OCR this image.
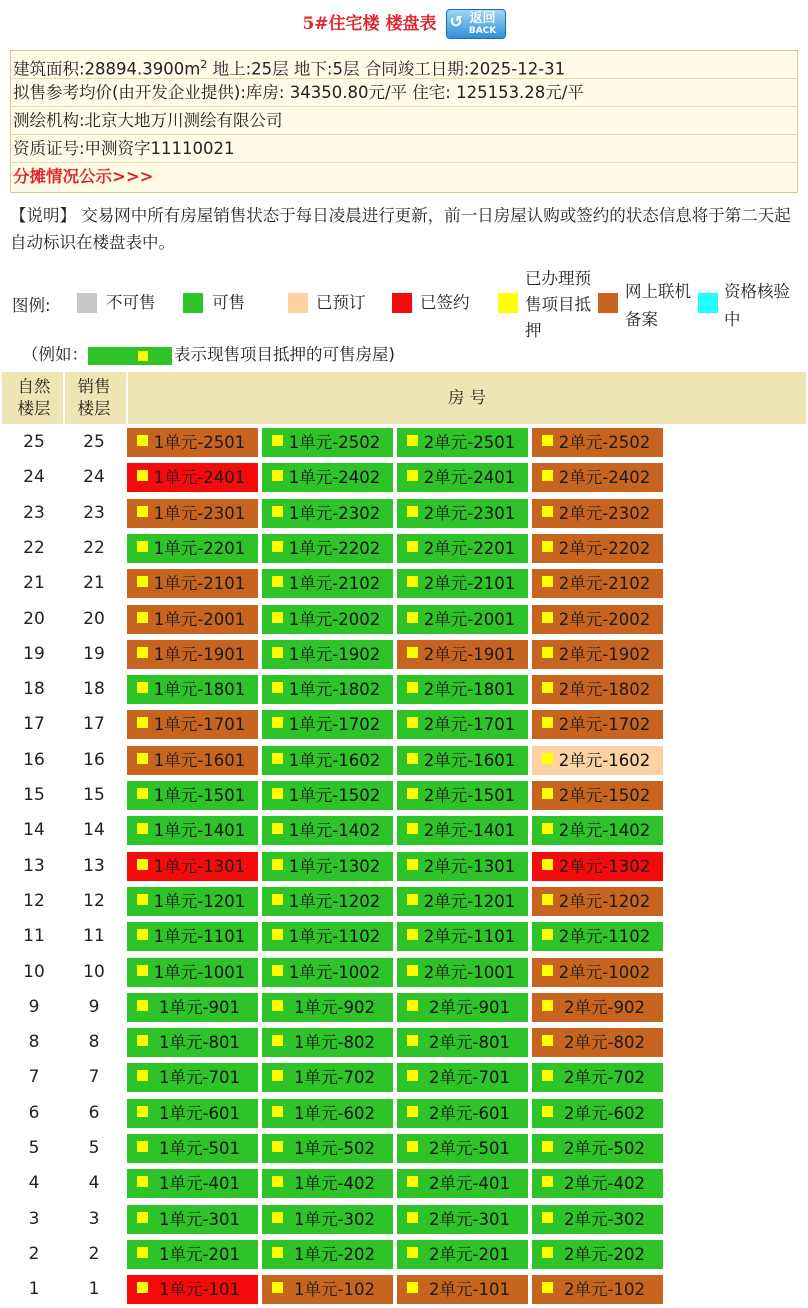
5#住宅楼 楼盘表 ↺ 返回
BACK
建筑面积$:28894.3900m^2$ 地上:25层 地下:5层 合同竣工日期:2025-12-31
拟售参考均价(由开发企业提供):库房: 34350.80元/平 住宅: 125153.28元/平
测绘机构:北京大地万川测绘有限公司
资质证号:甲测资字11110021
分摊情况公示>>>
【说明】 交易网中所有房屋销售状态于每日凌晨进行更新，前一日房屋认购或签约的状态信息将于第二天起自动标识在楼盘表中。
图例:	不可售	可售	已预订	已签约
已办理预
售项目抵
押
网上联机
备案
资格核验
中
（例如：	表示现售项目抵押的可售房屋)
自然
楼层
销售
楼层
房 号
25	25	1单元-2501	1单元-2502	2单元-2501	2单元-2502
24	24	1单元-2401	1单元-2402	2单元-2401	2单元-2402
23	23	1单元-2301	1单元-2302	2单元-2301	2单元-2302
22	22	1单元-2201	1单元-2202	2单元-2201	2单元-2202
21	21	1单元-2101	1单元-2102	2单元-2101	2单元-2102
20	20	1单元-2001	1单元-2002	2单元-2001	2单元-2002
19	19	1单元-1901	1单元-1902	2单元-1901	2单元-1902
18	18	1单元-1801	1单元-1802	2单元-1801	2单元-1802
17	17	1单元-1701	1单元-1702	2单元-1701	2单元-1702
16	16	1单元-1601	1单元-1602	2单元-1601	2单元-1602
15	15	1单元-1501	1单元-1502	2单元-1501	2单元-1502
14	14	1单元-1401	1单元-1402	2单元-1401	2单元-1402
13	13	1单元-1301	1单元-1302	2单元-1301	2单元-1302
12	12	1单元-1201	1单元-1202	2单元-1201	2单元-1202
11	11	1单元-1101	1单元-1102	2单元-1101	2单元-1102
10	10	1单元-1001	1单元-1002	2单元-1001	2单元-1002
9	9	1单元-901	1单元-902	2单元-901	2单元-902
8	8	1单元-801	1单元-802	2单元-801	2单元-802
7	7	1单元-701	1单元-702	2单元-701	2单元-702
6	6	1单元-601	1单元-602	2单元-601	2单元-602
5	5	1单元-501	1单元-502	2单元-501	2单元-502
4	4	1单元-401	1单元-402	2单元-401	2单元-402
3	3	1单元-301	1单元-302	2单元-301	2单元-302
2	2	1单元-201	1单元-202	2单元-201	2单元-202
1	1	1单元-101	1单元-102	2单元-101	2单元-102
